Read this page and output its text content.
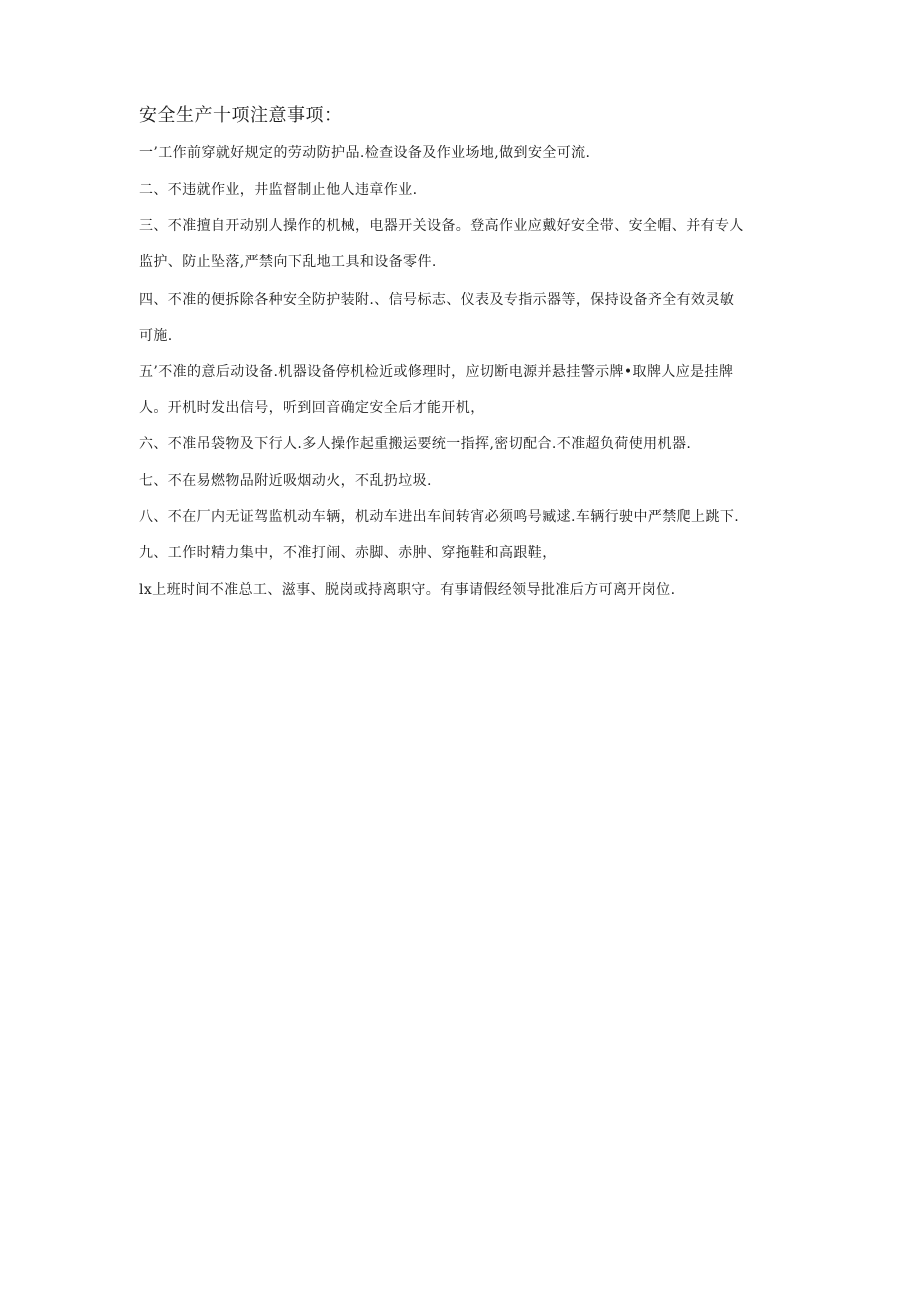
安全生产十项注意事项：
一’工作前穿就好规定的劳动防护品.检查设备及作业场地,做到安全可流.
二、不违就作业，井监督制止他人违章作业.
三、不准擅自开动别人操作的机械，电器开关设备。登高作业应戴好安全带、安全帽、并有专人
监护、防止坠落,严禁向下乱地工具和设备零件.
四、不准的便拆除各种安全防护装附.、信号标志、仪表及专指示器等，保持设备齐全有效灵敏
可施.
五’不准的意后动设备.机器设备停机检近或修理时，应切断电源并悬挂警示牌•取牌人应是挂牌
人。开机时发出信号，听到回音确定安全后才能开机，
六、不准吊袋物及下行人.多人操作起重搬运要统一指挥,密切配合.不准超负荷使用机器.
七、不在易燃物品附近吸烟动火，不乱扔垃圾.
八、不在厂内无证驾监机动车辆，机动车进出车间转宵必须鸣号臧逑.车辆行驶中严禁爬上跳下.
九、工作时精力集中，不准打闹、赤脚、赤肿、穿拖鞋和高跟鞋，
lx上班时间不准总工、滋事、脱岗或持离职守。有事请假经领导批准后方可离开岗位.
